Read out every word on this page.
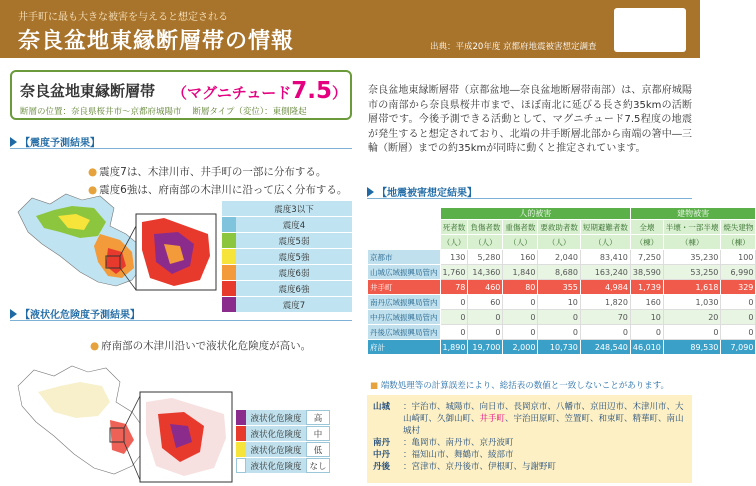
井手町に最も大きな被害を与えると想定される
奈良盆地東縁断層帯の情報	出典：平成20年度 京都府地震被害想定調査
奈良盆地東縁断層帯 （マグニチュード7.5）
断層の位置：奈良県桜井市～京都府城陽市 断層タイプ（変位）：東側隆起
【震度予測結果】
● 震度7は、木津川市、井手町の一部に分布する。
● 震度6強は、府南部の木津川に沿って広く分布する。
震度3以下
震度4
震度5弱
震度5強
震度6弱
震度6強
震度7
【液状化危険度予測結果】
● 府南部の木津川沿いで液状化危険度が高い。
液状化危険度	高
液状化危険度	中
液状化危険度	低
液状化危険度 なし
奈良盆地東縁断層帯（京都盆地―奈良盆地断層帯南部）は、京都府城陽市の南部から奈良県桜井市まで、ほぼ南北に延びる長さ約35kmの活断層帯です。今後予測できる活動として、マグニチュード7.5程度の地震が発生すると想定されており、北端の井手断層北部から南端の箸中―三輪（断層）までの約35kmが同時に動くと推定されています。
【地震被害想定結果】
	人的被害					建物被害		
	死者数	負傷者数	重傷者数	要救助者数	短期避難者数	全壊	半壊・一部半壊	焼失建物
	（人）	（人）	（人）	（人）	（人）	（棟）	（棟）	（棟）
京都市	130	5,280	160	2,040	83,410	7,250	35,230	100
山城広域振興局管内	1,760	14,360	1,840	8,680	163,240	38,590	53,250	6,990
井手町	78	460	80	355	4,984	1,739	1,618	329
南丹広域振興局管内	0	60	0	10	1,820	160	1,030	0
中丹広域振興局管内	0	0	0	0	70	10	20	0
丹後広域振興局管内	0	0	0	0	0	0	0	0
府計	1,890	19,700	2,000	10,730	248,540	46,010	89,530	7,090
■ 端数処理等の計算誤差により、総括表の数値と一致しないことがあります。
山城	：宇治市、城陽市、向日市、長岡京市、八幡市、京田辺市、木津川市、大山崎町、久御山町、井手町、宇治田原町、笠置町、和束町、精華町、南山城村
南丹	：亀岡市、南丹市、京丹波町
中丹	：福知山市、舞鶴市、綾部市
丹後	：宮津市、京丹後市、伊根町、与謝野町
